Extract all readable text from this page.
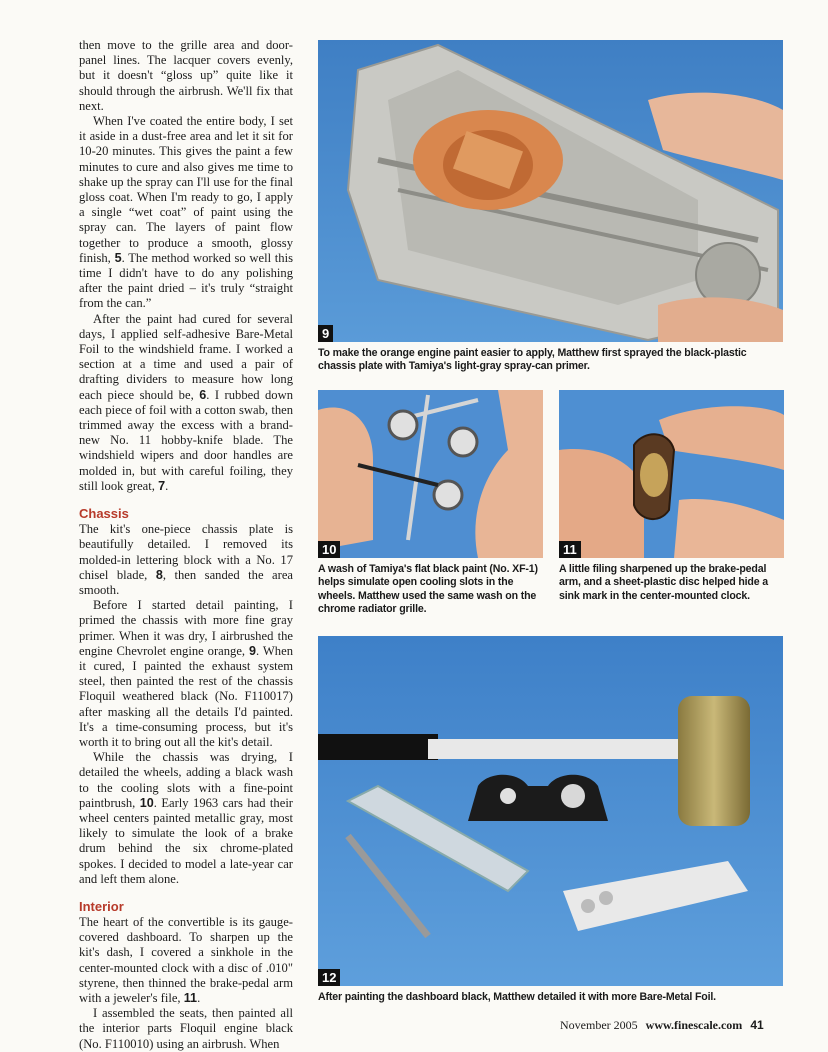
then move to the grille area and door-panel lines. The lacquer covers evenly, but it doesn't “gloss up” quite like it should through the airbrush. We'll fix that next.

When I've coated the entire body, I set it aside in a dust-free area and let it sit for 10-20 minutes. This gives the paint a few minutes to cure and also gives me time to shake up the spray can I'll use for the final gloss coat. When I'm ready to go, I apply a single “wet coat” of paint using the spray can. The layers of paint flow together to produce a smooth, glossy finish, 5. The method worked so well this time I didn't have to do any polishing after the paint dried – it's truly “straight from the can.”

After the paint had cured for several days, I applied self-adhesive Bare-Metal Foil to the windshield frame. I worked a section at a time and used a pair of drafting dividers to measure how long each piece should be, 6. I rubbed down each piece of foil with a cotton swab, then trimmed away the excess with a brand-new No. 11 hobby-knife blade. The windshield wipers and door handles are molded in, but with careful foiling, they still look great, 7.

Chassis

The kit's one-piece chassis plate is beautifully detailed. I removed its molded-in lettering block with a No. 17 chisel blade, 8, then sanded the area smooth.

Before I started detail painting, I primed the chassis with more fine gray primer. When it was dry, I airbrushed the engine Chevrolet engine orange, 9. When it cured, I painted the exhaust system steel, then painted the rest of the chassis Floquil weathered black (No. F110017) after masking all the details I'd painted. It's a time-consuming process, but it's worth it to bring out all the kit's detail.

While the chassis was drying, I detailed the wheels, adding a black wash to the cooling slots with a fine-point paintbrush, 10. Early 1963 cars had their wheel centers painted metallic gray, most likely to simulate the look of a brake drum behind the six chrome-plated spokes. I decided to model a late-year car and left them alone.

Interior

The heart of the convertible is its gauge-covered dashboard. To sharpen up the kit's dash, I covered a sinkhole in the center-mounted clock with a disc of .010" styrene, then thinned the brake-pedal arm with a jeweler's file, 11.

I assembled the seats, then painted all the interior parts Floquil engine black (No. F110010) using an airbrush. When

9
To make the orange engine paint easier to apply, Matthew first sprayed the black-plastic chassis plate with Tamiya's light-gray spray-can primer.
10
A wash of Tamiya's flat black paint (No. XF-1) helps simulate open cooling slots in the wheels. Matthew used the same wash on the chrome radiator grille.
11
A little filing sharpened up the brake-pedal arm, and a sheet-plastic disc helped hide a sink mark in the center-mounted clock.
12
After painting the dashboard black, Matthew detailed it with more Bare-Metal Foil.
November 2005 www.finescale.com 41
